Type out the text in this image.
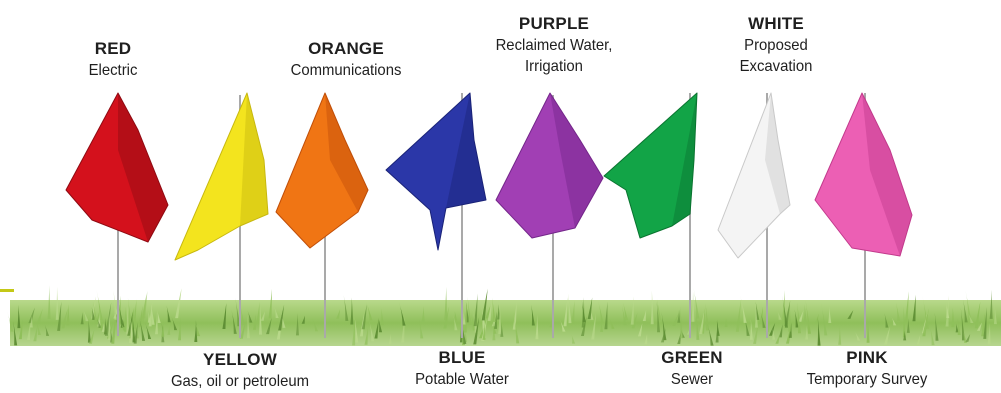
RED
Electric
ORANGE
Communications
PURPLE
Reclaimed Water,
Irrigation
WHITE
Proposed
Excavation
YELLOW
Gas, oil or petroleum
BLUE
Potable Water
GREEN
Sewer
PINK
Temporary Survey
